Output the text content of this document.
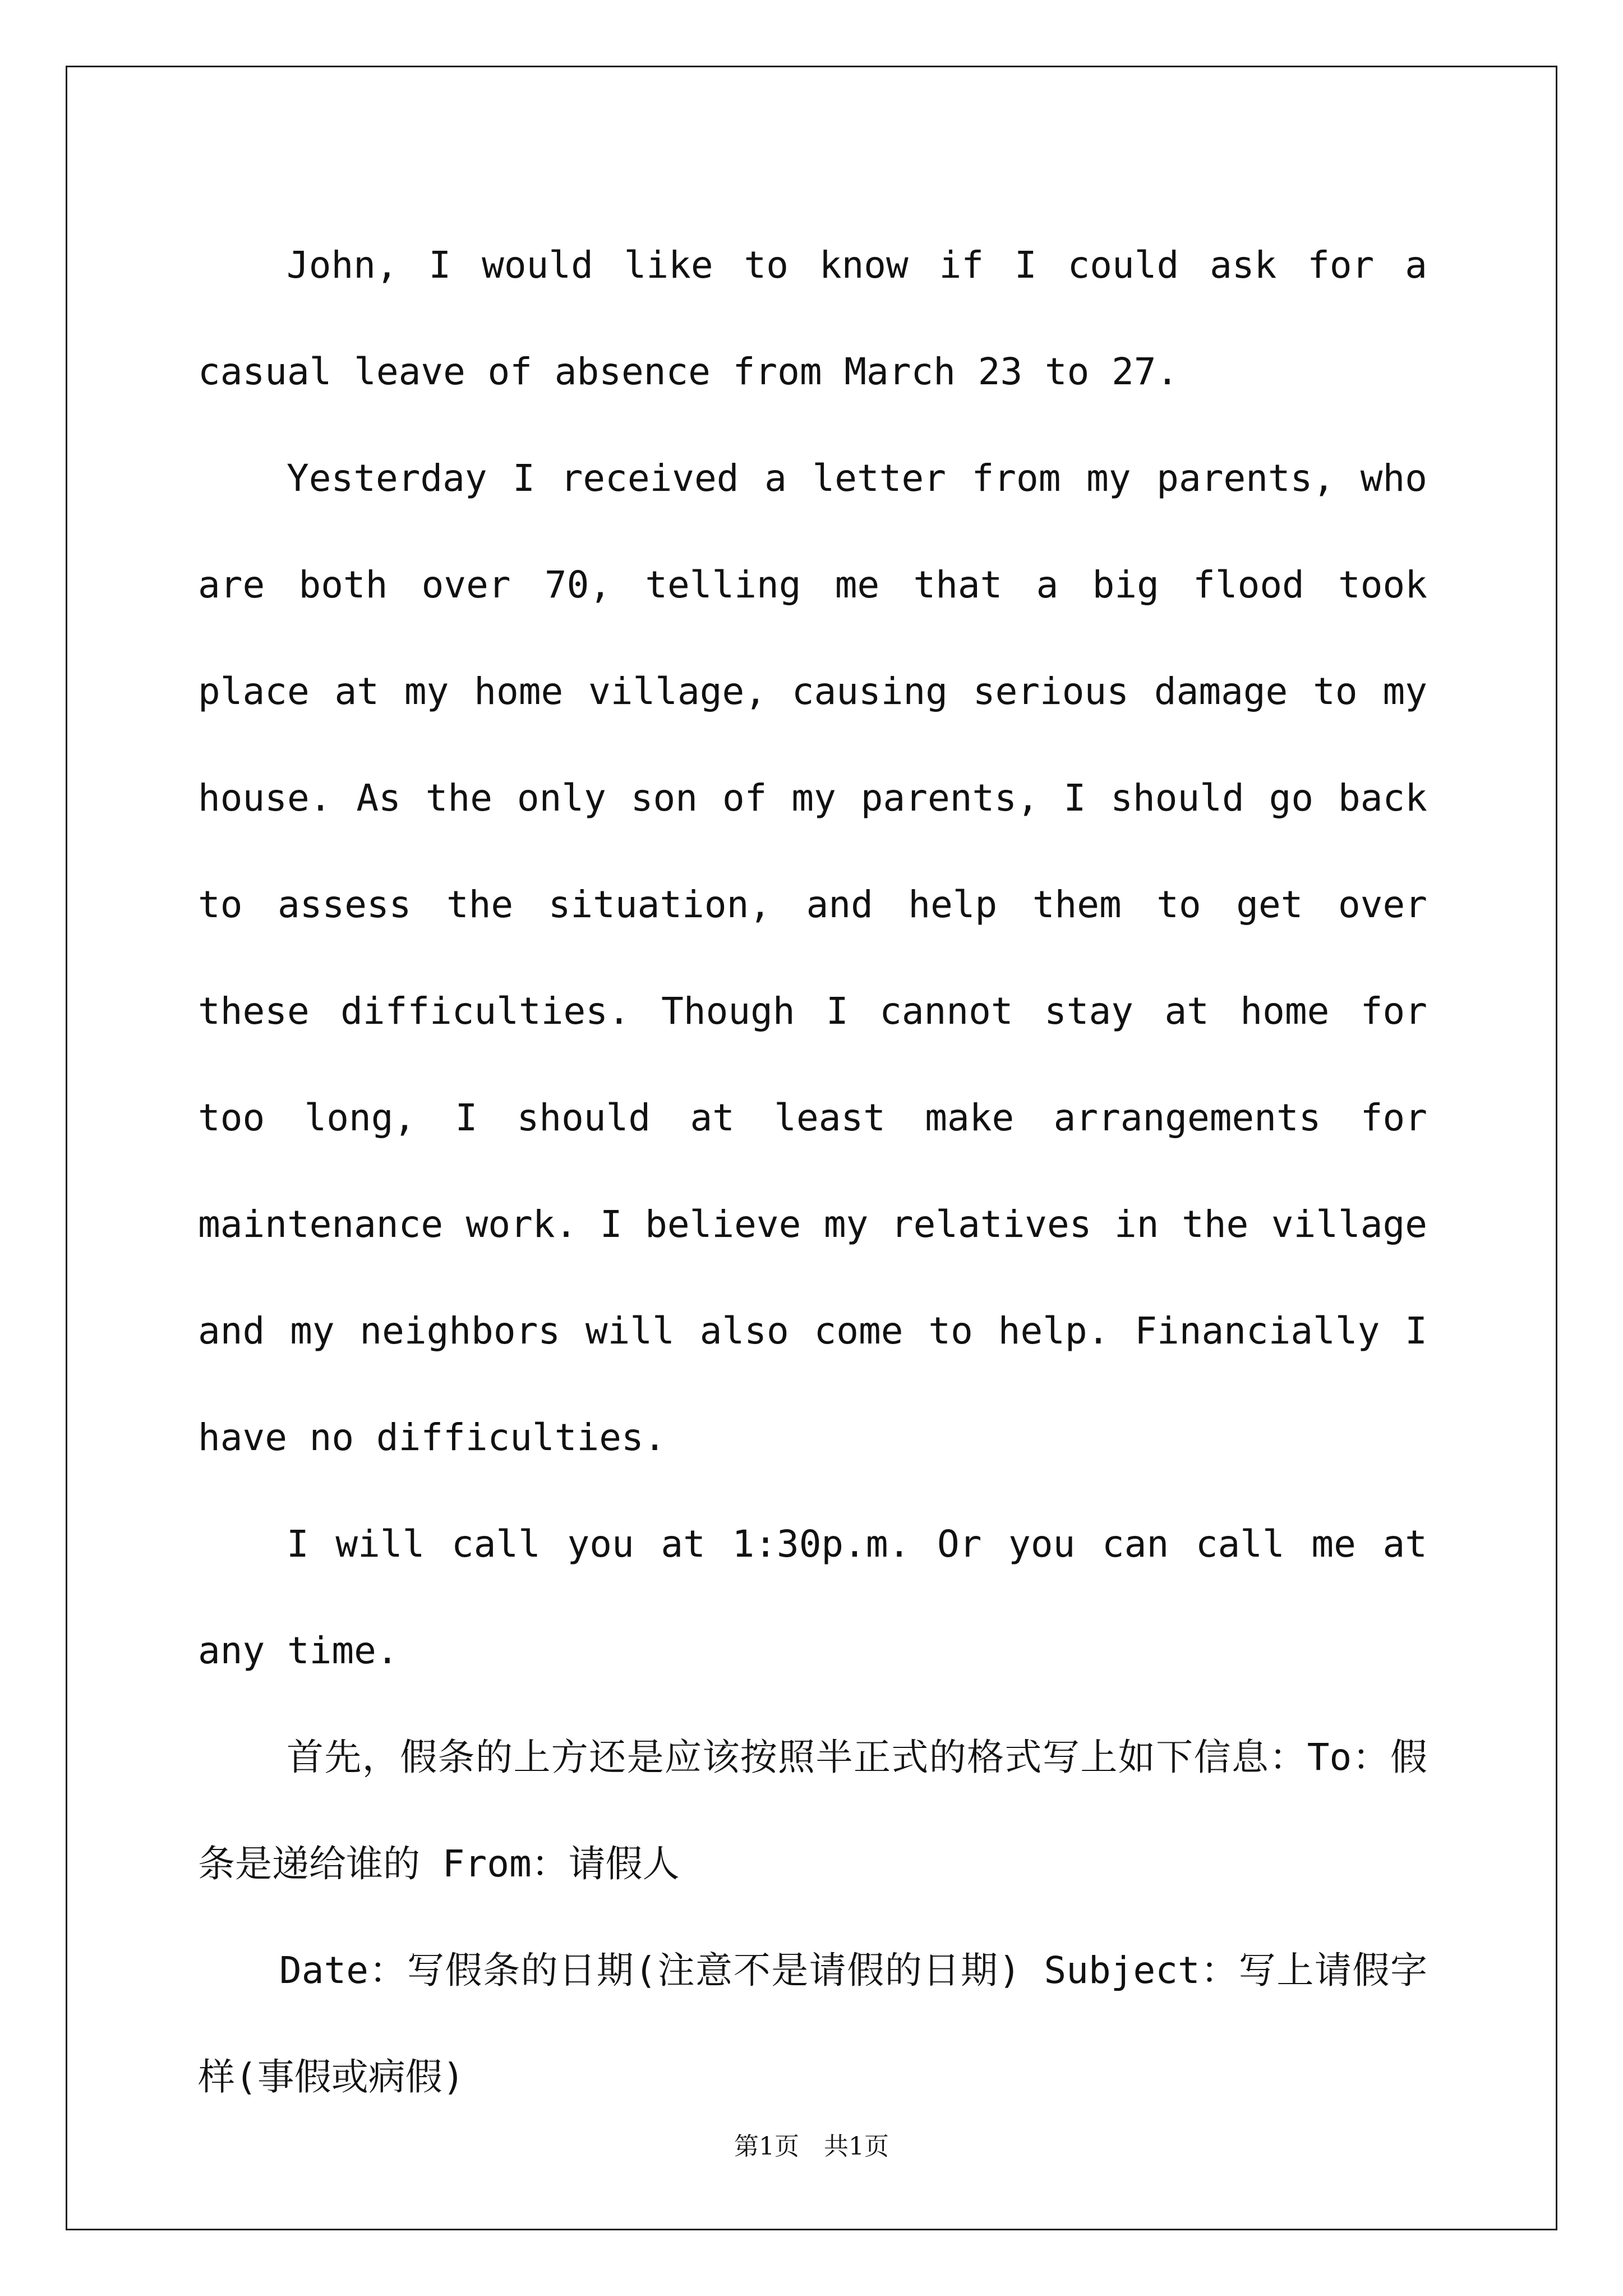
John, I would like to know if I could ask for a casual leave of absence from March 23 to 27.

Yesterday I received a letter from my parents, who are both over 70, telling me that a big flood took place at my home village, causing serious damage to my house. As the only son of my parents, I should go back to assess the situation, and help them to get over these difficulties. Though I cannot stay at home for too long, I should at least make arrangements for maintenance work. I believe my relatives in the village and my neighbors will also come to help. Financially I have no difficulties.

I will call you at 1:30p.m. Or you can call me at any time.

首先，假条的上方还是应该按照半正式的格式写上如下信息：To：假条是递给谁的 From：请假人

Date：写假条的日期(注意不是请假的日期) Subject：写上请假字样(事假或病假)

第1页　共1页
